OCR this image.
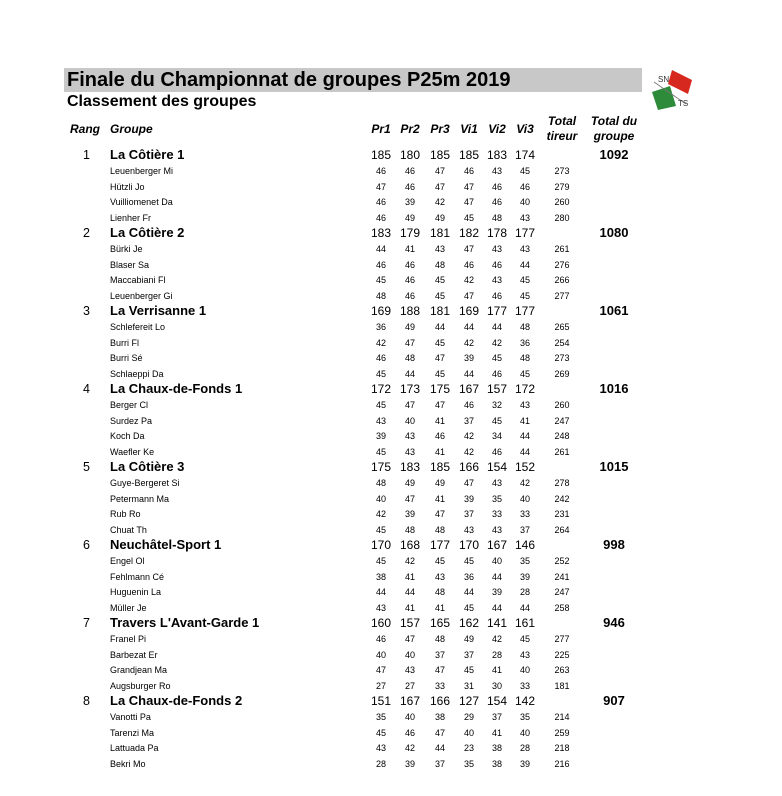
Finale du Championnat de groupes P25m 2019
Classement des groupes
SN
TS
Rang Groupe	Pr1 Pr2 Pr3 Vi1 Vi2 Vi3
Total
tireur
Total du
groupe
1 La Côtière 1	185 180 185 185 183 174	1092
Leuenberger Mi	46	46	47	46	43	45	273
Hützli Jo	47	46	47	47	46	46	279
Vuilliomenet Da	46	39	42	47	46	40	260
Lienher Fr	46	49	49	45	48	43	280
2 La Côtière 2	183 179 181 182 178 177	1080
Bürki Je	44	41	43	47	43	43	261
Blaser Sa	46	46	48	46	46	44	276
Maccabiani Fl	45	46	45	42	43	45	266
Leuenberger Gi	48	46	45	47	46	45	277
3 La Verrisanne 1	169 188 181 169 177 177	1061
Schlefereit Lo	36	49	44	44	44	48	265
Burri Fl	42	47	45	42	42	36	254
Burri Sé	46	48	47	39	45	48	273
Schlaeppi Da	45	44	45	44	46	45	269
4 La Chaux-de-Fonds 1	172 173 175 167 157 172	1016
Berger Cl	45	47	47	46	32	43	260
Surdez Pa	43	40	41	37	45	41	247
Koch Da	39	43	46	42	34	44	248
Waefler Ke	45	43	41	42	46	44	261
5 La Côtière 3	175 183 185 166 154 152	1015
Guye-Bergeret Si	48	49	49	47	43	42	278
Petermann Ma	40	47	41	39	35	40	242
Rub Ro	42	39	47	37	33	33	231
Chuat Th	45	48	48	43	43	37	264
6 Neuchâtel-Sport 1	170 168 177 170 167 146	998
Engel Ol	45	42	45	45	40	35	252
Fehlmann Cé	38	41	43	36	44	39	241
Huguenin La	44	44	48	44	39	28	247
Müller Je	43	41	41	45	44	44	258
7 Travers L'Avant-Garde 1	160 157 165 162 141 161	946
Franel Pi	46	47	48	49	42	45	277
Barbezat Er	40	40	37	37	28	43	225
Grandjean Ma	47	43	47	45	41	40	263
Augsburger Ro	27	27	33	31	30	33	181
8 La Chaux-de-Fonds 2	151 167 166 127 154 142	907
Vanotti Pa	35	40	38	29	37	35	214
Tarenzi Ma	45	46	47	40	41	40	259
Lattuada Pa	43	42	44	23	38	28	218
Bekri Mo	28	39	37	35	38	39	216
